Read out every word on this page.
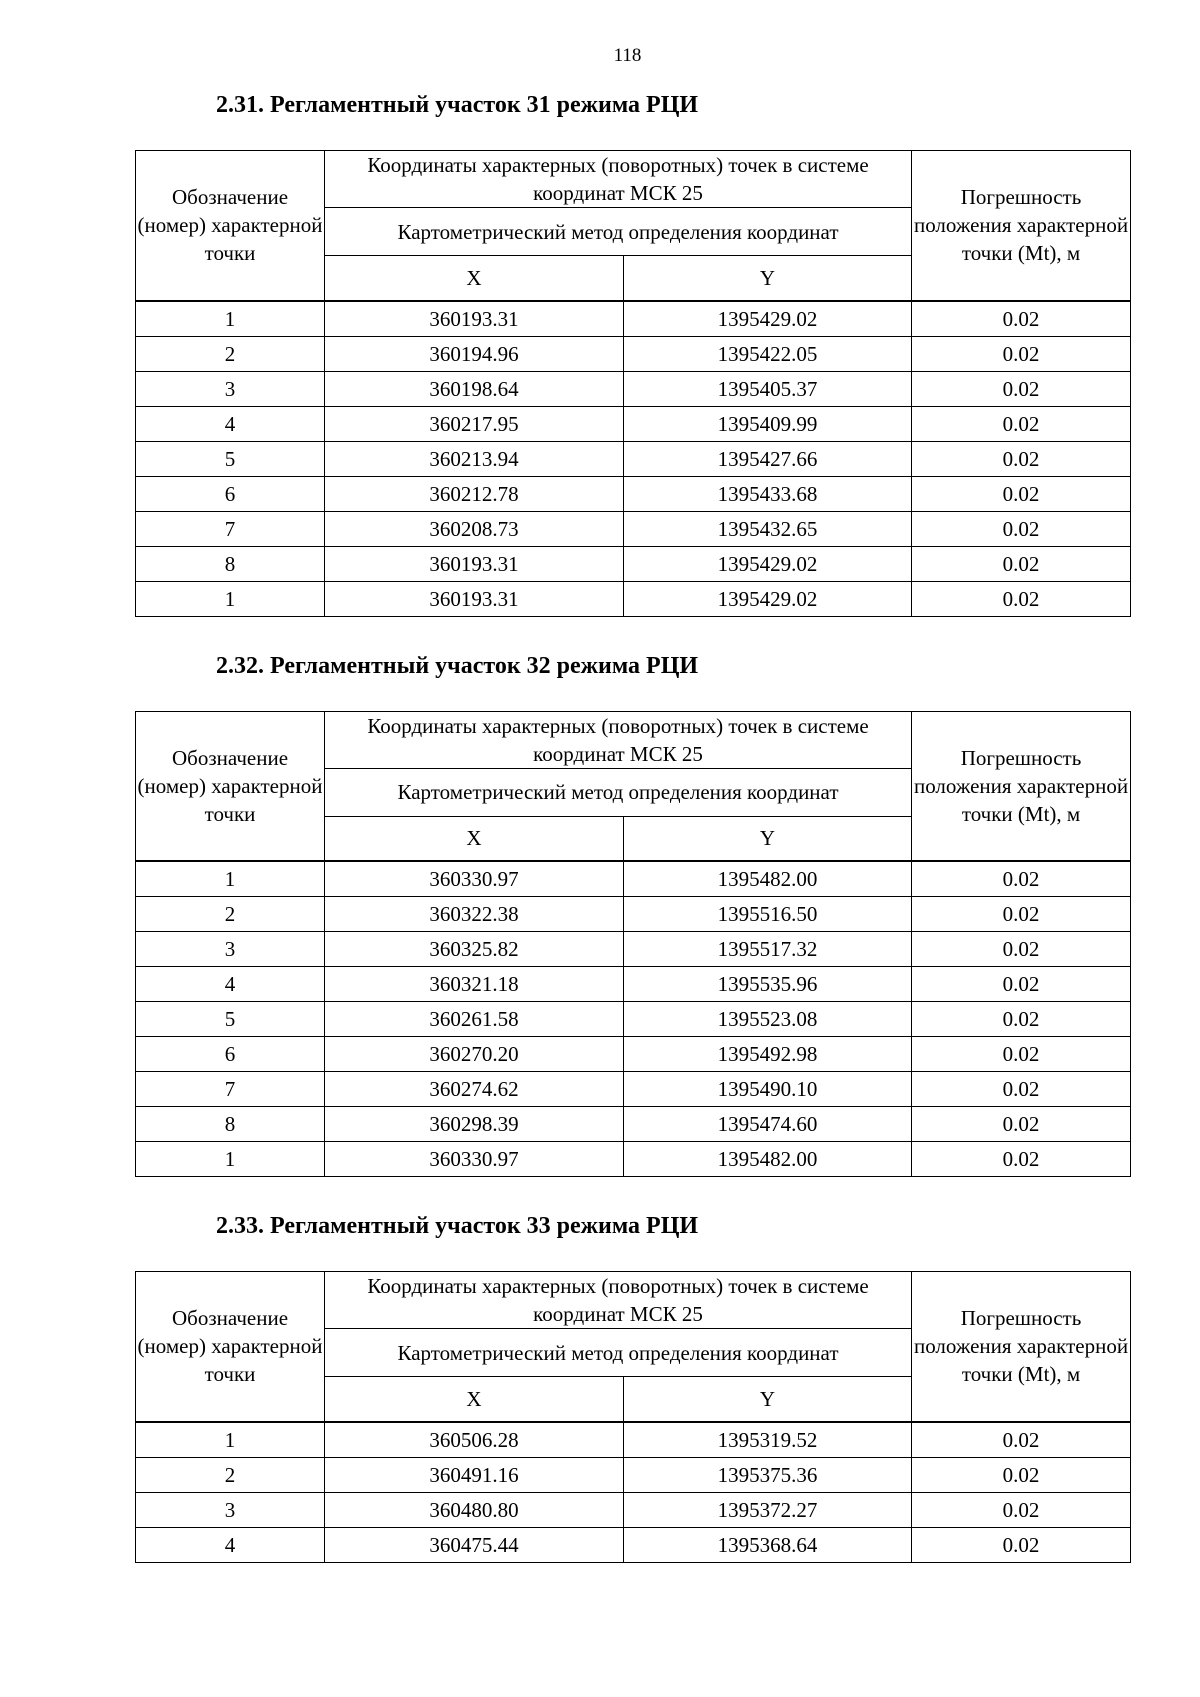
118
2.31. Регламентный участок 31 режима РЦИ
Обозначение (номер) характерной точки	Координаты характерных (поворотных) точек в системе координат МСК 25		Погрешность положения характерной точки (Mt), м
	Картометрический метод определения координат		
	X	Y	
1	360193.31	1395429.02	0.02
2	360194.96	1395422.05	0.02
3	360198.64	1395405.37	0.02
4	360217.95	1395409.99	0.02
5	360213.94	1395427.66	0.02
6	360212.78	1395433.68	0.02
7	360208.73	1395432.65	0.02
8	360193.31	1395429.02	0.02
1	360193.31	1395429.02	0.02
2.32. Регламентный участок 32 режима РЦИ
Обозначение (номер) характерной точки	Координаты характерных (поворотных) точек в системе координат МСК 25		Погрешность положения характерной точки (Mt), м
	Картометрический метод определения координат		
	X	Y	
1	360330.97	1395482.00	0.02
2	360322.38	1395516.50	0.02
3	360325.82	1395517.32	0.02
4	360321.18	1395535.96	0.02
5	360261.58	1395523.08	0.02
6	360270.20	1395492.98	0.02
7	360274.62	1395490.10	0.02
8	360298.39	1395474.60	0.02
1	360330.97	1395482.00	0.02
2.33. Регламентный участок 33 режима РЦИ
Обозначение (номер) характерной точки	Координаты характерных (поворотных) точек в системе координат МСК 25		Погрешность положения характерной точки (Mt), м
	Картометрический метод определения координат		
	X	Y	
1	360506.28	1395319.52	0.02
2	360491.16	1395375.36	0.02
3	360480.80	1395372.27	0.02
4	360475.44	1395368.64	0.02
